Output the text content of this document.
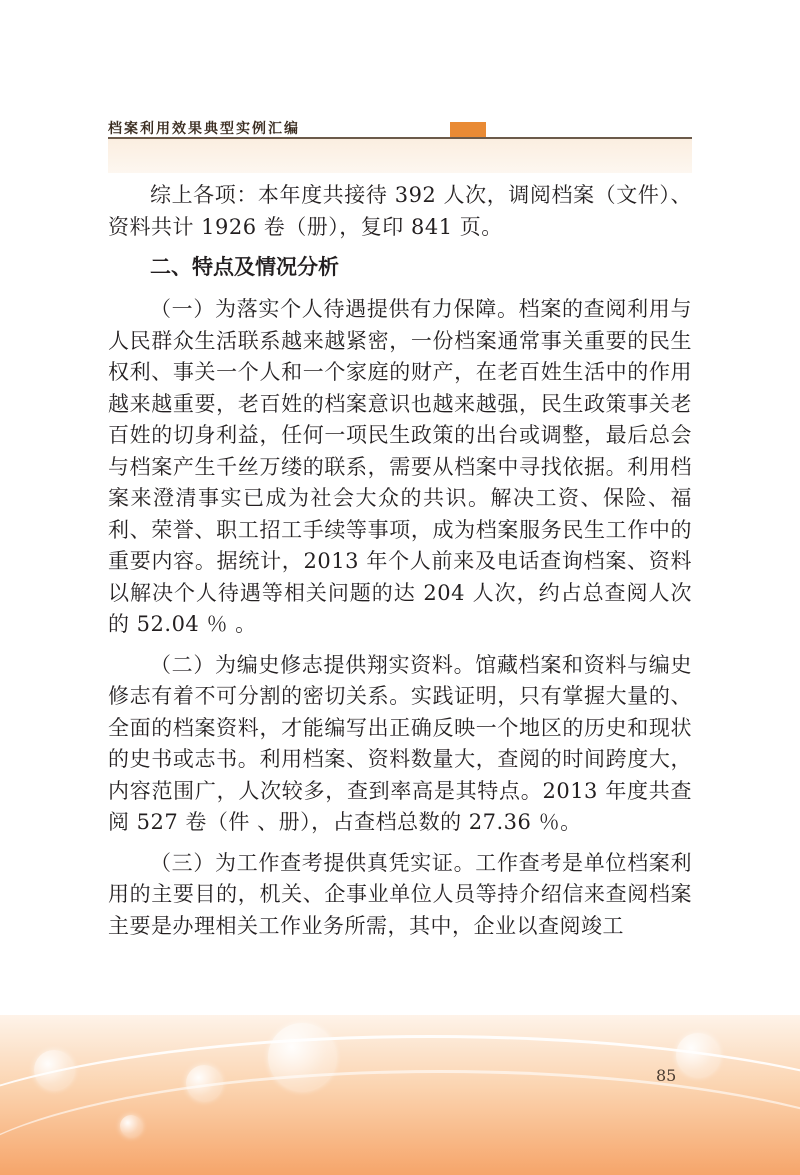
档案利用效果典型实例汇编

综上各项：本年度共接待 392 人次，调阅档案（文件）、资料共计 1926 卷（册），复印 841 页。

二、特点及情况分析

（一）为落实个人待遇提供有力保障。档案的查阅利用与人民群众生活联系越来越紧密，一份档案通常事关重要的民生权利、事关一个人和一个家庭的财产，在老百姓生活中的作用越来越重要，老百姓的档案意识也越来越强，民生政策事关老百姓的切身利益，任何一项民生政策的出台或调整，最后总会与档案产生千丝万缕的联系，需要从档案中寻找依据。利用档案来澄清事实已成为社会大众的共识。解决工资、保险、福利、荣誉、职工招工手续等事项，成为档案服务民生工作中的重要内容。据统计，2013 年个人前来及电话查询档案、资料以解决个人待遇等相关问题的达 204 人次，约占总查阅人次的 52.04 ％ 。

（二）为编史修志提供翔实资料。馆藏档案和资料与编史修志有着不可分割的密切关系。实践证明，只有掌握大量的、全面的档案资料，才能编写出正确反映一个地区的历史和现状的史书或志书。利用档案、资料数量大，查阅的时间跨度大，内容范围广，人次较多，查到率高是其特点。2013 年度共查阅 527 卷（件 、册），占查档总数的 27.36 ％。

（三）为工作查考提供真凭实证。工作查考是单位档案利用的主要目的，机关、企事业单位人员等持介绍信来查阅档案主要是办理相关工作业务所需，其中，企业以查阅竣工

85
